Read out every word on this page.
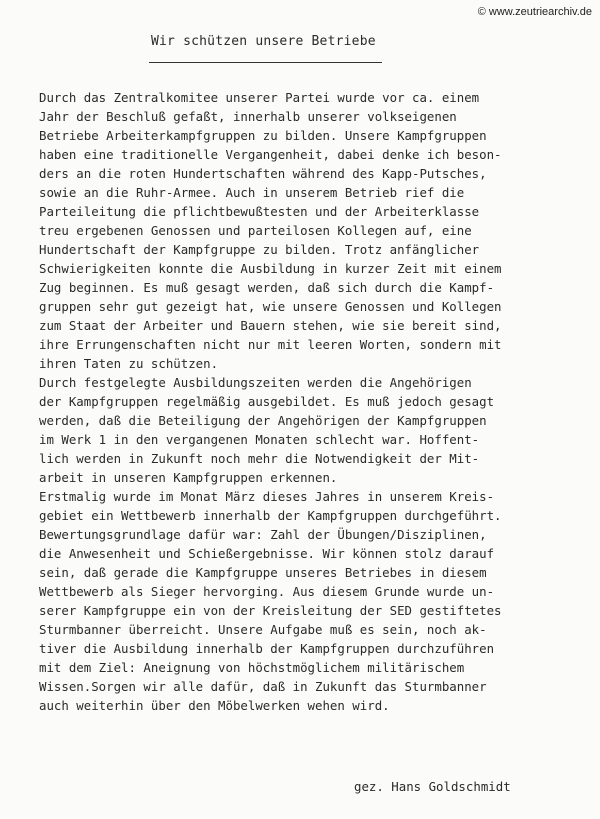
© www.zeutriearchiv.de
Wir schützen unsere Betriebe
Durch das Zentralkomitee unserer Partei wurde vor ca. einem
Jahr der Beschluß gefaßt, innerhalb unserer volkseigenen
Betriebe Arbeiterkampfgruppen zu bilden. Unsere Kampfgruppen
haben eine traditionelle Vergangenheit, dabei denke ich beson-
ders an die roten Hundertschaften während des Kapp-Putsches,
sowie an die Ruhr-Armee. Auch in unserem Betrieb rief die
Parteileitung die pflichtbewußtesten und der Arbeiterklasse
treu ergebenen Genossen und parteilosen Kollegen auf, eine
Hundertschaft der Kampfgruppe zu bilden. Trotz anfänglicher
Schwierigkeiten konnte die Ausbildung in kurzer Zeit mit einem
Zug beginnen. Es muß gesagt werden, daß sich durch die Kampf-
gruppen sehr gut gezeigt hat, wie unsere Genossen und Kollegen
zum Staat der Arbeiter und Bauern stehen, wie sie bereit sind,
ihre Errungenschaften nicht nur mit leeren Worten, sondern mit
ihren Taten zu schützen.
Durch festgelegte Ausbildungszeiten werden die Angehörigen
der Kampfgruppen regelmäßig ausgebildet. Es muß jedoch gesagt
werden, daß die Beteiligung der Angehörigen der Kampfgruppen
im Werk 1 in den vergangenen Monaten schlecht war. Hoffent-
lich werden in Zukunft noch mehr die Notwendigkeit der Mit-
arbeit in unseren Kampfgruppen erkennen.
Erstmalig wurde im Monat März dieses Jahres in unserem Kreis-
gebiet ein Wettbewerb innerhalb der Kampfgruppen durchgeführt.
Bewertungsgrundlage dafür war: Zahl der Übungen/Disziplinen,
die Anwesenheit und Schießergebnisse. Wir können stolz darauf
sein, daß gerade die Kampfgruppe unseres Betriebes in diesem
Wettbewerb als Sieger hervorging. Aus diesem Grunde wurde un-
serer Kampfgruppe ein von der Kreisleitung der SED gestiftetes
Sturmbanner überreicht. Unsere Aufgabe muß es sein, noch ak-
tiver die Ausbildung innerhalb der Kampfgruppen durchzuführen
mit dem Ziel: Aneignung von höchstmöglichem militärischem
Wissen.Sorgen wir alle dafür, daß in Zukunft das Sturmbanner
auch weiterhin über den Möbelwerken wehen wird.
gez. Hans Goldschmidt
